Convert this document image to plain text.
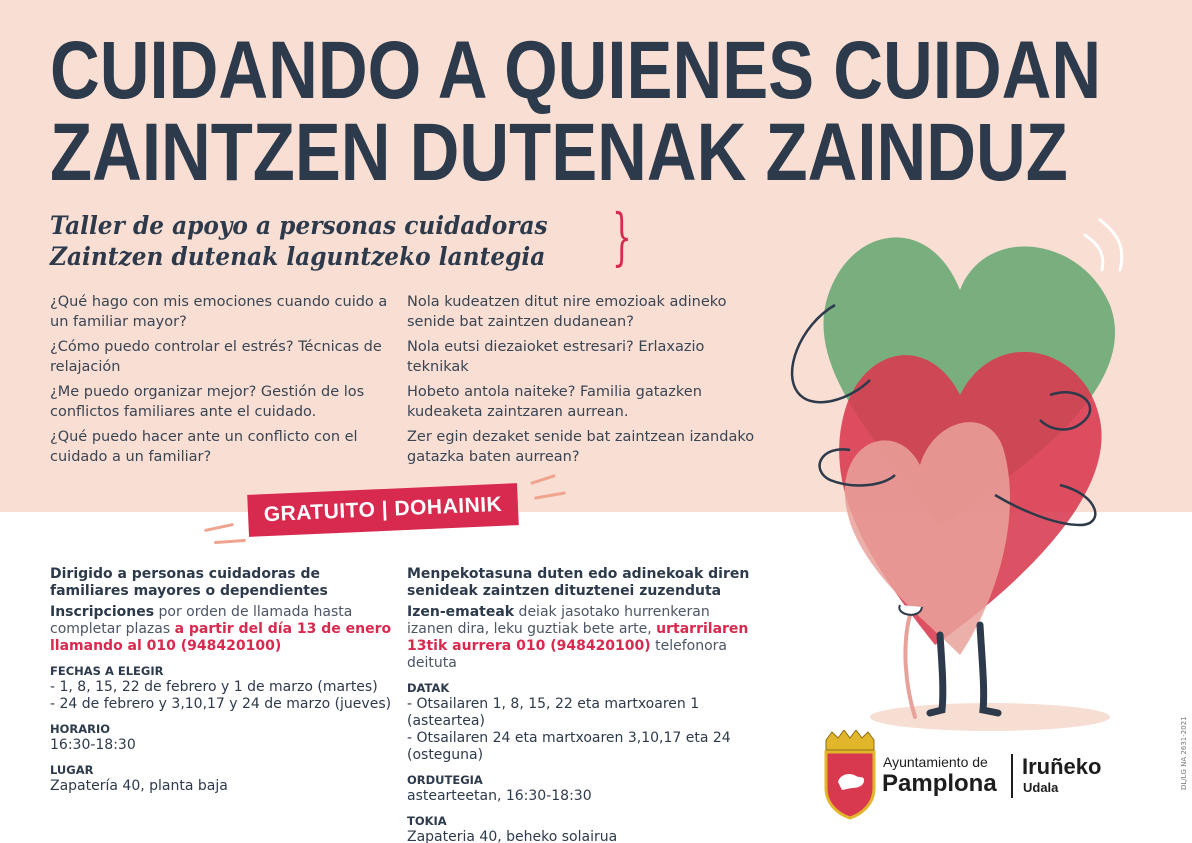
CUIDANDO A QUIENES CUIDAN
ZAINTZEN DUTENAK ZAINDUZ
Taller de apoyo a personas cuidadoras
Zaintzen dutenak laguntzeko lantegia }

¿Qué hago con mis emociones cuando cuido a un familiar mayor?

¿Cómo puedo controlar el estrés? Técnicas de relajación

¿Me puedo organizar mejor? Gestión de los conflictos familiares ante el cuidado.

¿Qué puedo hacer ante un conflicto con el cuidado a un familiar?

Nola kudeatzen ditut nire emozioak adineko senide bat zaintzen dudanean?

Nola eutsi diezaioket estresari? Erlaxazio teknikak

Hobeto antola naiteke? Familia gatazken kudeaketa zaintzaren aurrean.

Zer egin dezaket senide bat zaintzean izandako gatazka baten aurrean?

GRATUITO | DOHAINIK
Dirigido a personas cuidadoras de familiares mayores o dependientes
Inscripciones por orden de llamada hasta completar plazas a partir del día 13 de enero llamando al 010 (948420100)
FECHAS A ELEGIR
- 1, 8, 15, 22 de febrero y 1 de marzo (martes)
- 24 de febrero y 3,10,17 y 24 de marzo (jueves)
HORARIO
16:30-18:30
LUGAR
Zapatería 40, planta baja
Menpekotasuna duten edo adinekoak diren senideak zaintzen dituztenei zuzenduta
Izen-emateak deiak jasotako hurrenkeran izanen dira, leku guztiak bete arte, urtarrilaren 13tik aurrera 010 (948420100) telefonora deituta
DATAK
- Otsailaren 1, 8, 15, 22 eta martxoaren 1 (asteartea)
- Otsailaren 24 eta martxoaren 3,10,17 eta 24 (osteguna)
ORDUTEGIA
astearteetan, 16:30-18:30
TOKIA
Zapateria 40, beheko solairua
Ayuntamiento de
Pamplona
Iruñeko
Udala	DL/LG NA 2631-2021
